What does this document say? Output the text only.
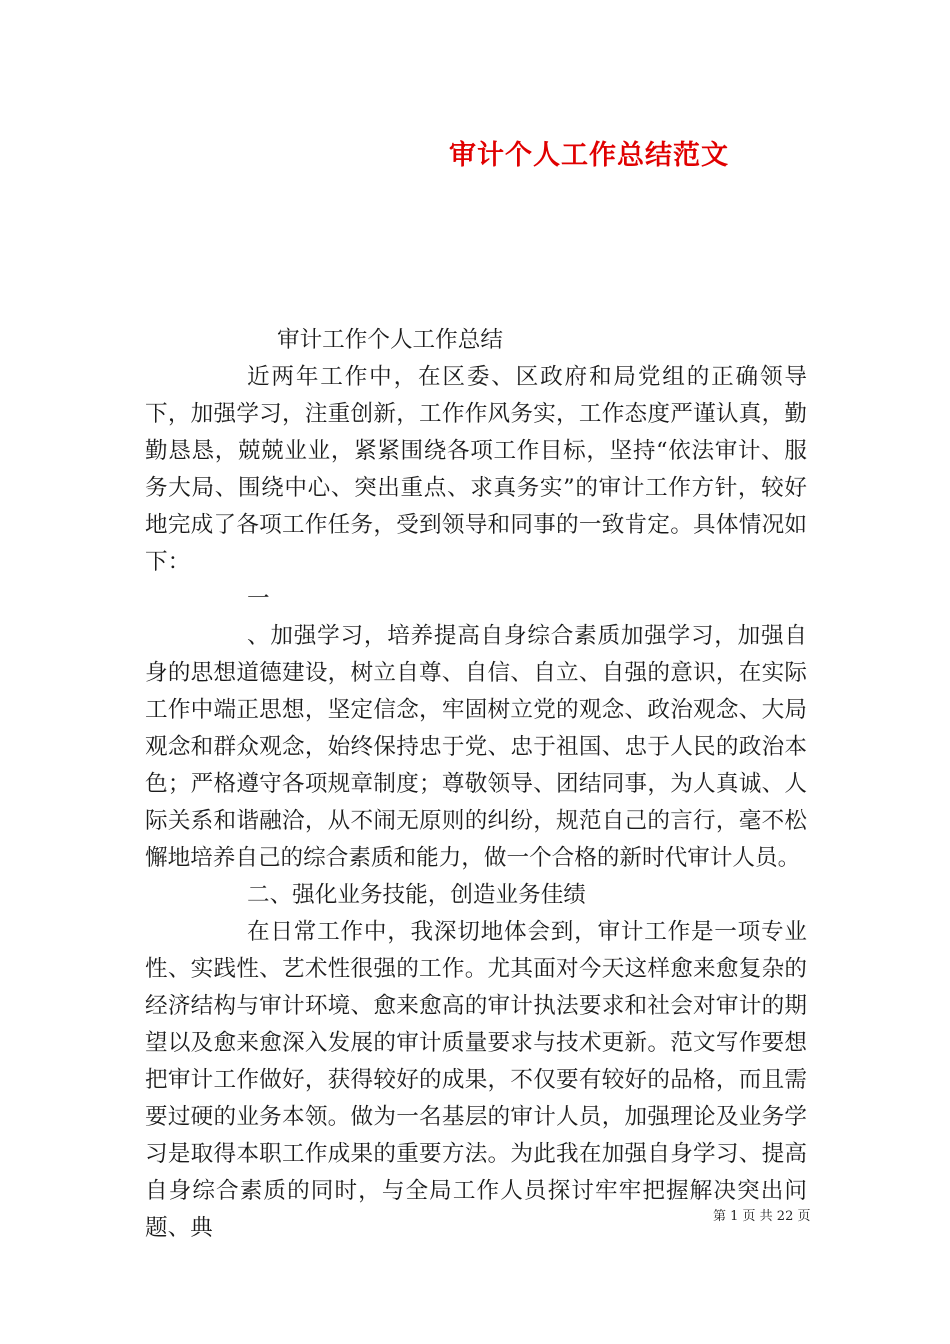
审计个人工作总结范文

审计工作个人工作总结

近两年工作中，在区委、区政府和局党组的正确领导下，加强学习，注重创新，工作作风务实，工作态度严谨认真，勤勤恳恳，兢兢业业，紧紧围绕各项工作目标，坚持“依法审计、服务大局、围绕中心、突出重点、求真务实”的审计工作方针，较好地完成了各项工作任务，受到领导和同事的一致肯定。具体情况如下：

一

、加强学习，培养提高自身综合素质加强学习，加强自身的思想道德建设，树立自尊、自信、自立、自强的意识，在实际工作中端正思想，坚定信念，牢固树立党的观念、政治观念、大局观念和群众观念，始终保持忠于党、忠于祖国、忠于人民的政治本色；严格遵守各项规章制度；尊敬领导、团结同事，为人真诚、人际关系和谐融洽，从不闹无原则的纠纷，规范自己的言行，毫不松懈地培养自己的综合素质和能力，做一个合格的新时代审计人员。

二、强化业务技能，创造业务佳绩

在日常工作中，我深切地体会到，审计工作是一项专业性、实践性、艺术性很强的工作。尤其面对今天这样愈来愈复杂的经济结构与审计环境、愈来愈高的审计执法要求和社会对审计的期望以及愈来愈深入发展的审计质量要求与技术更新。范文写作要想把审计工作做好，获得较好的成果，不仅要有较好的品格，而且需要过硬的业务本领。做为一名基层的审计人员，加强理论及业务学习是取得本职工作成果的重要方法。为此我在加强自身学习、提高自身综合素质的同时，与全局工作人员探讨牢牢把握解决突出问题、典	第 1 页 共 22 页
